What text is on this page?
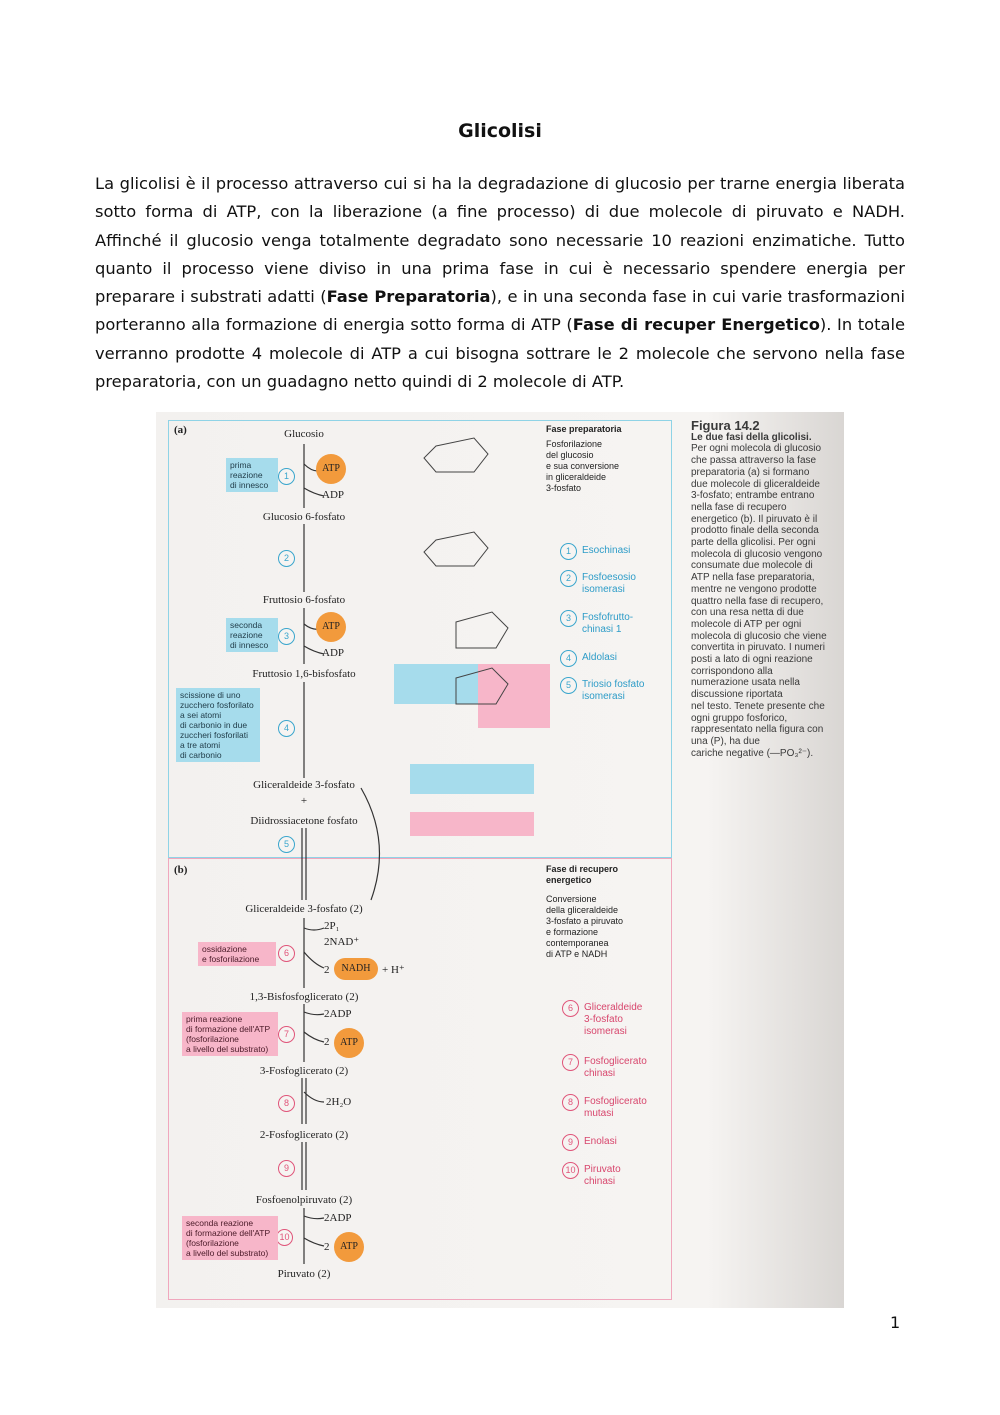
Glicolisi
La glicolisi è il processo attraverso cui si ha la degradazione di glucosio per trarne energia liberata sotto forma di ATP, con la liberazione (a fine processo) di due molecole di piruvato e NADH. Affinché il glucosio venga totalmente degradato sono necessarie 10 reazioni enzimatiche. Tutto quanto il processo viene diviso in una prima fase in cui è necessario spendere energia per preparare i substrati adatti (Fase Preparatoria), e in una seconda fase in cui varie trasformazioni porteranno alla formazione di energia sotto forma di ATP (Fase di recuper Energetico). In totale verranno prodotte 4 molecole di ATP a cui bisogna sottrare le 2 molecole che servono nella fase preparatoria, con un guadagno netto quindi di 2 molecole di ATP.
(a)
(b)
Glucosio
Glucosio 6-fosfato
Fruttosio 6-fosfato
Fruttosio 1,6-bisfosfato
Gliceraldeide 3-fosfato
+
Diidrossiacetone fosfato
Gliceraldeide 3-fosfato (2)
1,3-Bisfosfoglicerato (2)
3-Fosfoglicerato (2)
2-Fosfoglicerato (2)
Fosfoenolpiruvato (2)
Piruvato (2)
ATP
ADP
ATP
ADP
2P₁
2NAD⁺
2	NADH	+ H⁺
2ADP
2	ATP
2H₂O
2ADP
2	ATP
1
2
3
4
5
6
7
8
9
10
prima
reazione
di innesco
seconda
reazione
di innesco
scissione di uno
zucchero fosforilato
a sei atomi
di carbonio in due
zuccheri fosforilati
a tre atomi
di carbonio
ossidazione
e fosforilazione
prima reazione
di formazione dell'ATP
(fosforilazione
a livello del substrato)
seconda reazione
di formazione dell'ATP
(fosforilazione
a livello del substrato)
Fase preparatoria
Fosforilazione
del glucosio
e sua conversione
in gliceraldeide
3-fosfato
Fase di recupero
energetico
Conversione
della gliceraldeide
3-fosfato a piruvato
e formazione
contemporanea
di ATP e NADH
1	Esochinasi
2	Fosfoesosio
isomerasi
3	Fosfofrutto-
chinasi 1
4	Aldolasi
5	Triosio fosfato
isomerasi
6	Gliceraldeide
3-fosfato
isomerasi
7	Fosfoglicerato
chinasi
8	Fosfoglicerato
mutasi
9	Enolasi
10 Piruvato
chinasi
Figura 14.2
Le due fasi della glicolisi.
Per ogni molecola di glucosio
che passa attraverso la fase
preparatoria (a) si formano
due molecole di gliceraldeide
3-fosfato; entrambe entrano
nella fase di recupero
energetico (b). Il piruvato è il
prodotto finale della seconda
parte della glicolisi. Per ogni
molecola di glucosio vengono
consumate due molecole di
ATP nella fase preparatoria,
mentre ne vengono prodotte
quattro nella fase di recupero,
con una resa netta di due
molecole di ATP per ogni
molecola di glucosio che viene
convertita in piruvato. I numeri
posti a lato di ogni reazione
corrispondono alla
numerazione usata nella
discussione riportata
nel testo. Tenete presente che
ogni gruppo fosforico,
rappresentato nella figura con
una (P), ha due
cariche negative (—PO₃²⁻).
1
